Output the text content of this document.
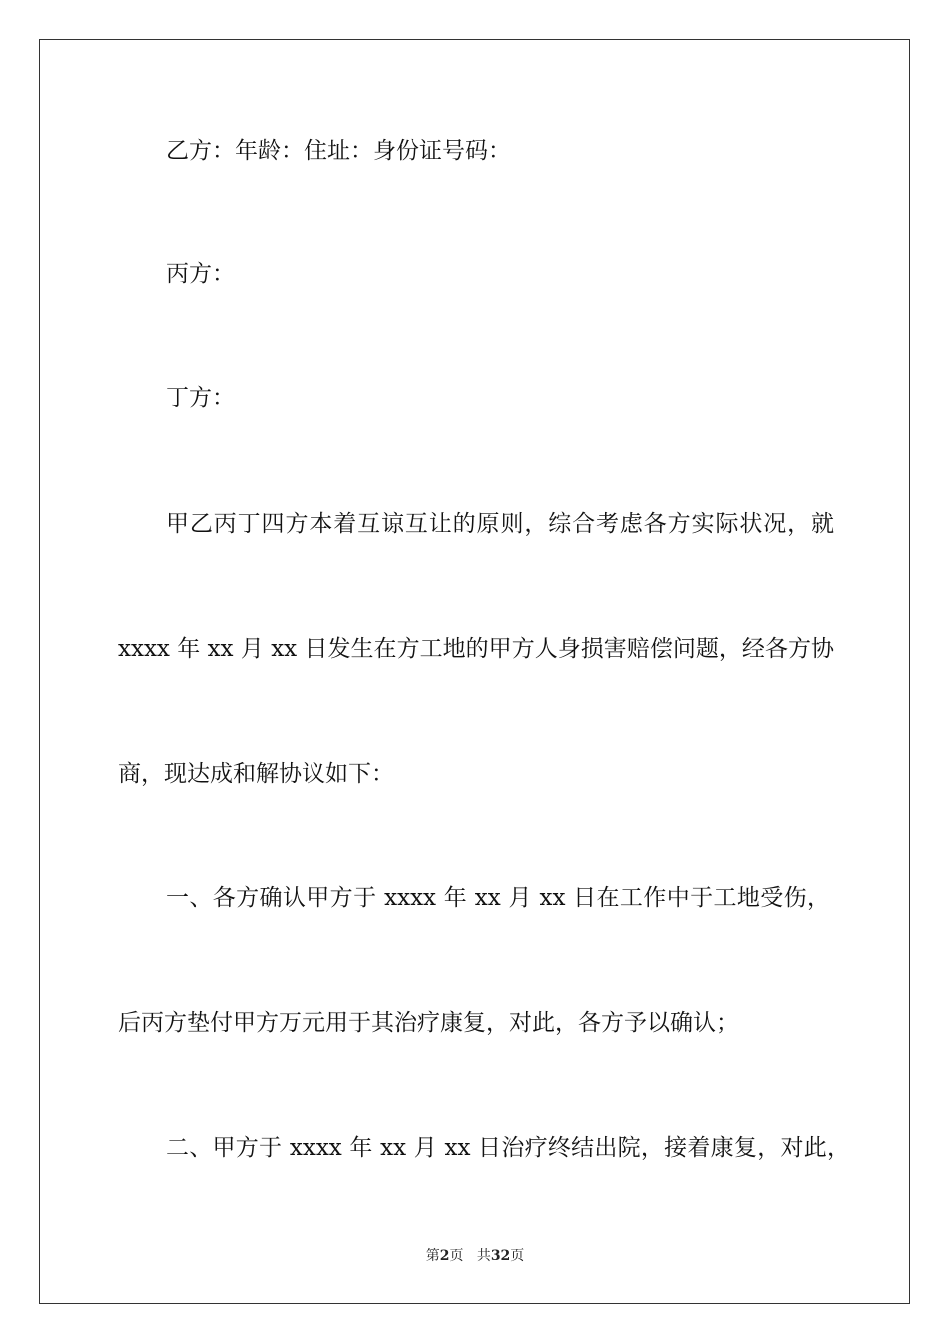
乙方：年龄：住址：身份证号码：

丙方：

丁方：

甲乙丙丁四方本着互谅互让的原则，综合考虑各方实际状况，就

xxxx 年 xx 月 xx 日发生在方工地的甲方人身损害赔偿问题，经各方协

商，现达成和解协议如下：

一、各方确认甲方于 xxxx 年 xx 月 xx 日在工作中于工地受伤，

后丙方垫付甲方万元用于其治疗康复，对此，各方予以确认；

二、甲方于 xxxx 年 xx 月 xx 日治疗终结出院，接着康复，对此，

第2页 共32页
